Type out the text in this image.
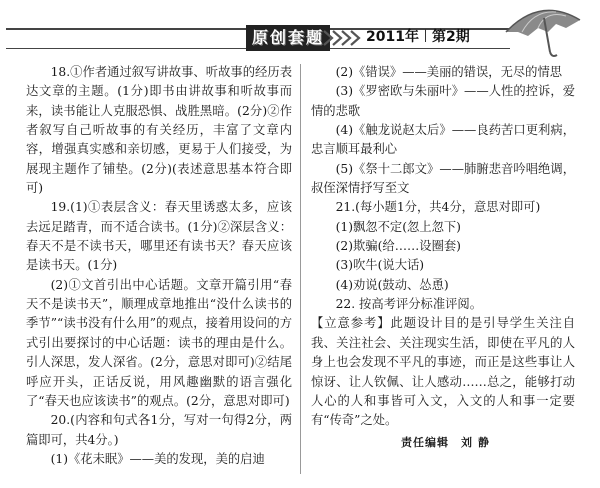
原创套题	2011年 第2期

18.①作者通过叙写讲故事、听故事的经历表达文章的主题。(1分)即书由讲故事和听故事而来，读书能让人克服恐惧、战胜黑暗。(2分)②作者叙写自己听故事的有关经历，丰富了文章内容，增强真实感和亲切感，更易于人们接受，为展现主题作了铺垫。(2分)(表述意思基本符合即可)

19.(1)①表层含义：春天里诱惑太多，应该去远足踏青，而不适合读书。(1分)②深层含义：春天不是不读书天，哪里还有读书天？春天应该是读书天。(1分)

(2)①文首引出中心话题。文章开篇引用“春天不是读书天”，顺理成章地推出“没什么读书的季节”“读书没有什么用”的观点，接着用设问的方式引出要探讨的中心话题：读书的理由是什么。引人深思，发人深省。(2分，意思对即可)②结尾呼应开头，正话反说，用风趣幽默的语言强化了“春天也应该读书”的观点。(2分，意思对即可)

20.(内容和句式各1分，写对一句得2分，两篇即可，共4分。)

(1)《花未眠》——美的发现，美的启迪

(2)《错误》——美丽的错误，无尽的情思

(3)《罗密欧与朱丽叶》——人性的控诉，爱情的悲歌

(4)《触龙说赵太后》——良药苦口更利病，忠言顺耳最利心

(5)《祭十二郎文》——肺腑悲音吟唱绝调，叔侄深情抒写至文

21.(每小题1分，共4分，意思对即可)

(1)飘忽不定(忽上忽下)

(2)欺骗(给……设圈套)

(3)吹牛(说大话)

(4)劝说(鼓动、怂恿)

22. 按高考评分标准评阅。

【立意参考】此题设计目的是引导学生关注自我、关注社会、关注现实生活，即使在平凡的人身上也会发现不平凡的事迹，而正是这些事让人惊讶、让人钦佩、让人感动……总之，能够打动人心的人和事皆可入文，入文的人和事一定要有“传奇”之处。

责任编辑 刘静
